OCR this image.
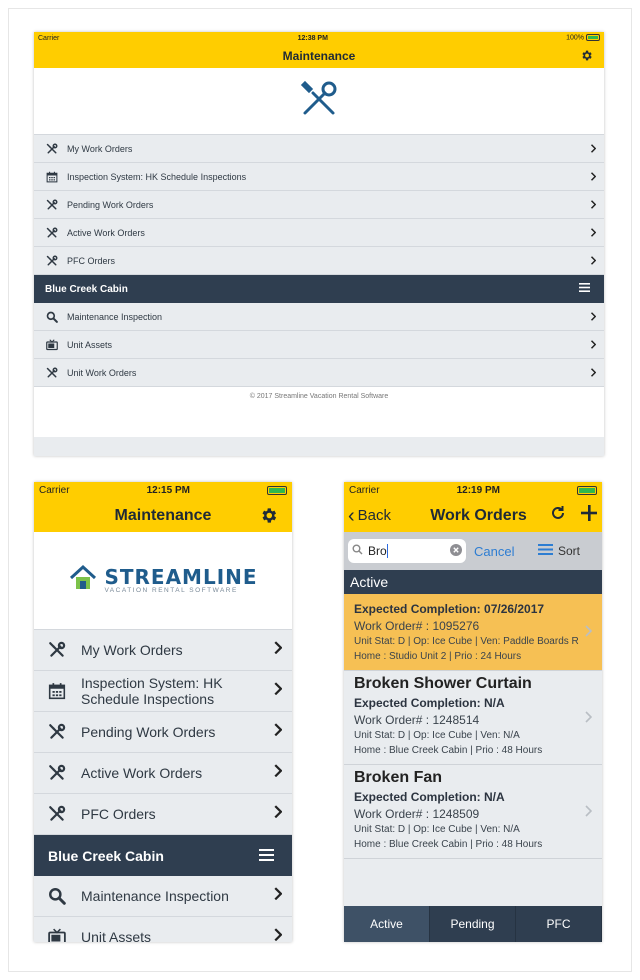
Carrier	12:38 PM	100%
Maintenance
My Work Orders
Inspection System: HK Schedule Inspections
Pending Work Orders
Active Work Orders
PFC Orders
Blue Creek Cabin
Maintenance Inspection
Unit Assets
Unit Work Orders
© 2017 Streamline Vacation Rental Software
Carrier	12:15 PM
Maintenance
STREAMLINE
VACATION RENTAL SOFTWARE
My Work Orders
Inspection System: HK Schedule Inspections
Pending Work Orders
Active Work Orders
PFC Orders
Blue Creek Cabin
Maintenance Inspection
Unit Assets
Carrier	12:19 PM
‹ Back Work Orders
Bro	Cancel	Sort
Active
Expected Completion: 07/26/2017
Work Order# : 1095276
Unit Stat: D | Op: Ice Cube | Ven: Paddle Boards R
Home : Studio Unit 2 | Prio : 24 Hours
Broken Shower Curtain
Expected Completion: N/A
Work Order# : 1248514
Unit Stat: D | Op: Ice Cube | Ven: N/A
Home : Blue Creek Cabin | Prio : 48 Hours
Broken Fan
Expected Completion: N/A
Work Order# : 1248509
Unit Stat: D | Op: Ice Cube | Ven: N/A
Home : Blue Creek Cabin | Prio : 48 Hours
Active	Pending	PFC
